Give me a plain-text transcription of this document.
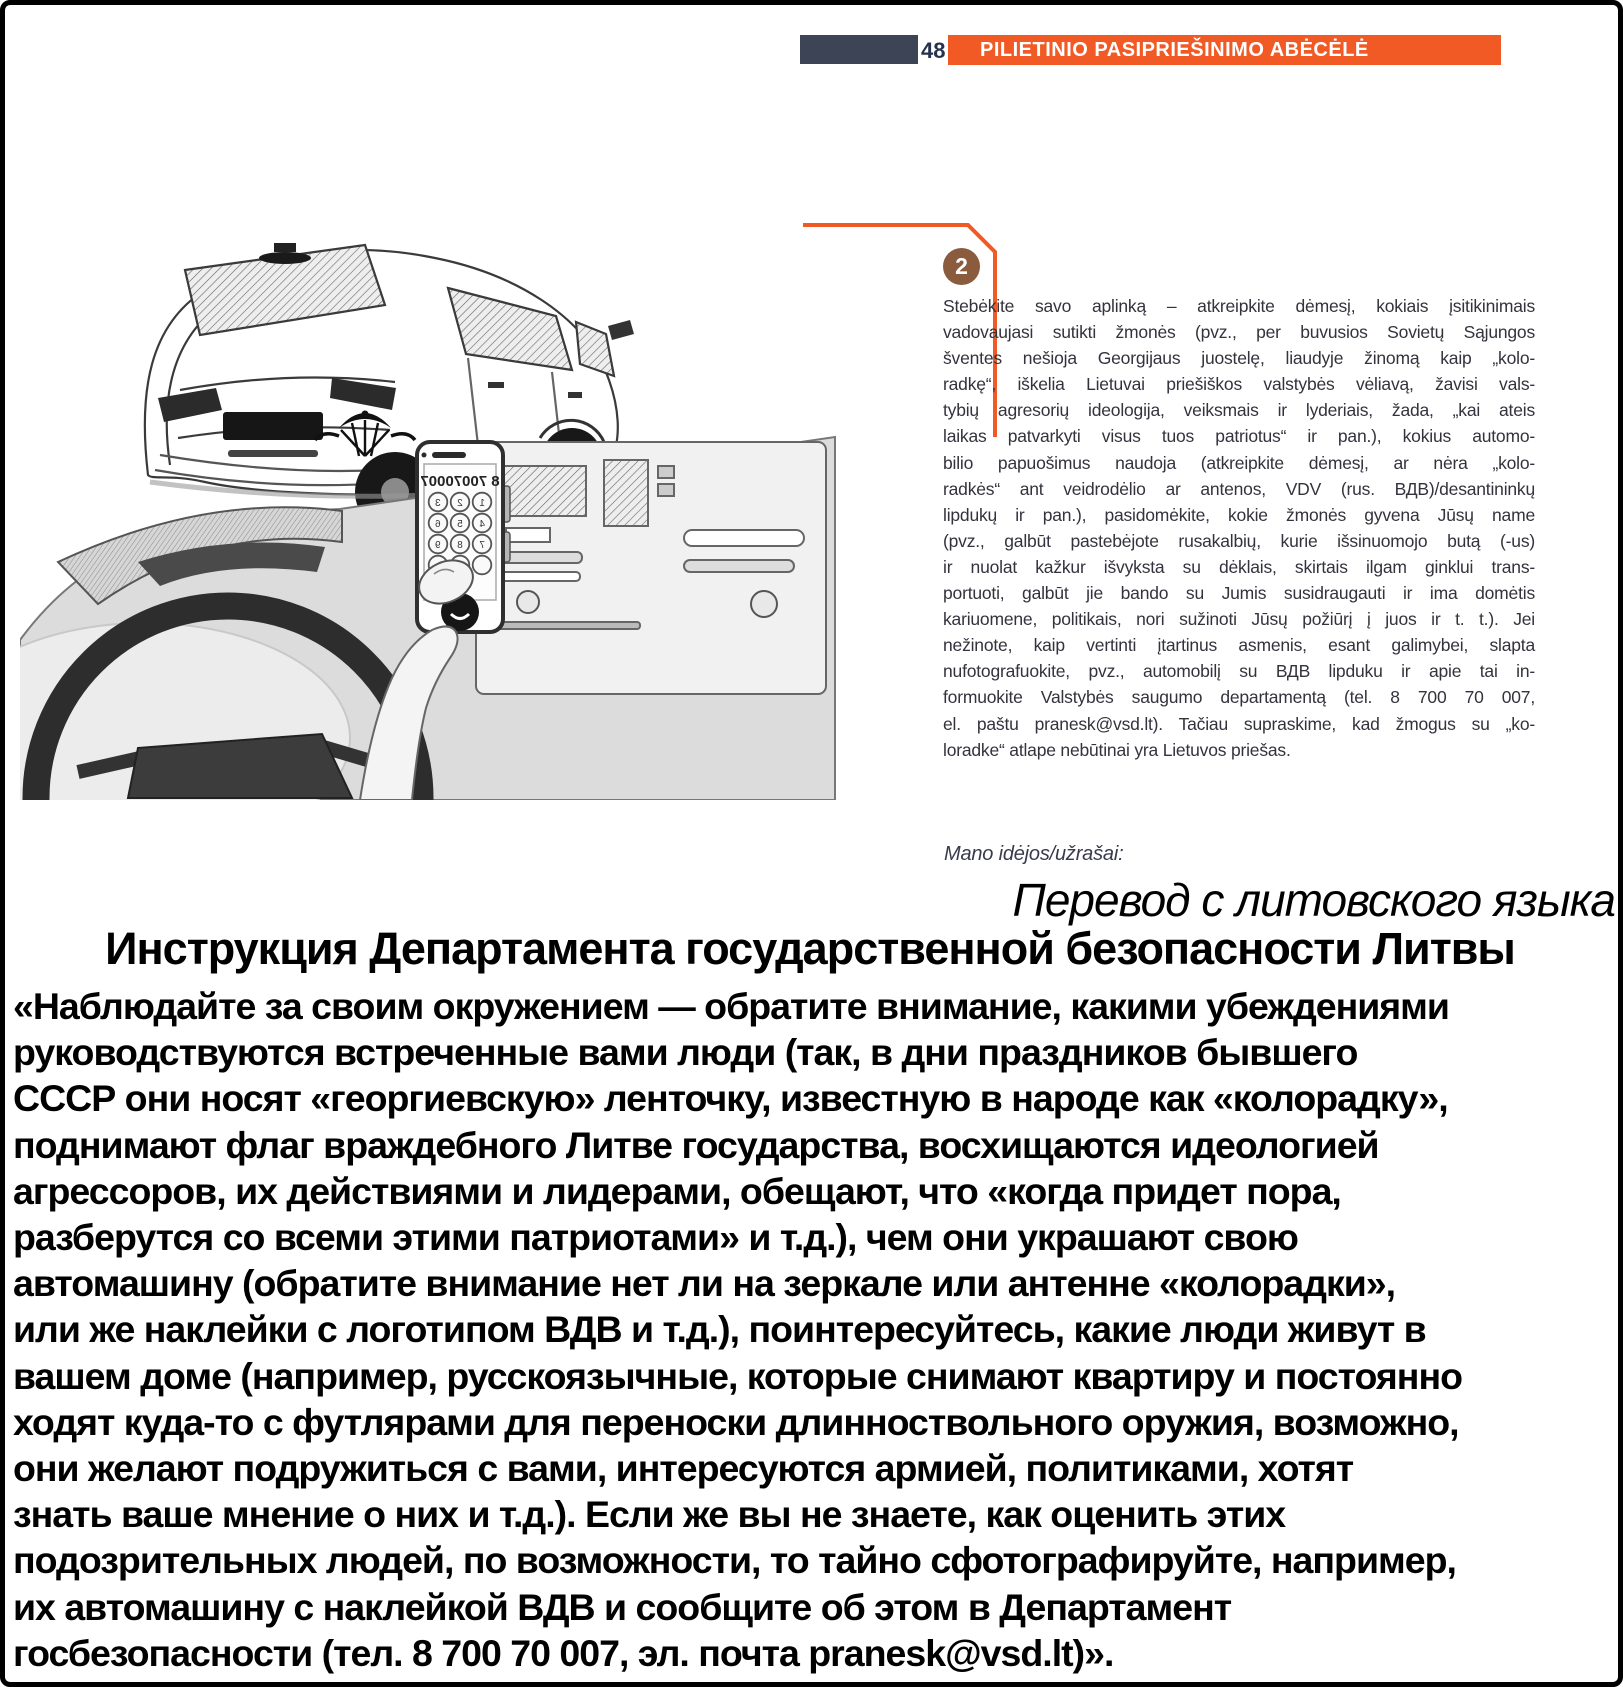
48	PILIETINIO PASIPRIEŠINIMO ABĖCĖLĖ
2
8 70070007
123
456
789
Stebėkite savo aplinką – atkreipkite dėmesį, kokiais įsitikinimais
vadovaujasi sutikti žmonės (pvz., per buvusios Sovietų Sąjungos
šventes nešioja Georgijaus juostelę, liaudyje žinomą kaip „kolo-
radkę“, iškelia Lietuvai priešiškos valstybės vėliavą, žavisi vals-
tybių agresorių ideologija, veiksmais ir lyderiais, žada, „kai ateis
laikas patvarkyti visus tuos patriotus“ ir pan.), kokius automo-
bilio papuošimus naudoja (atkreipkite dėmesį, ar nėra „kolo-
radkės“ ant veidrodėlio ar antenos, VDV (rus. ВДВ)/desantininkų
lipdukų ir pan.), pasidomėkite, kokie žmonės gyvena Jūsų name
(pvz., galbūt pastebėjote rusakalbių, kurie išsinuomojo butą (-us)
ir nuolat kažkur išvyksta su dėklais, skirtais ilgam ginklui trans-
portuoti, galbūt jie bando su Jumis susidraugauti ir ima domėtis
kariuomene, politikais, nori sužinoti Jūsų požiūrį į juos ir t. t.). Jei
nežinote, kaip vertinti įtartinus asmenis, esant galimybei, slapta
nufotografuokite, pvz., automobilį su ВДВ lipduku ir apie tai in-
formuokite Valstybės saugumo departamentą (tel. 8 700 70 007,
el. paštu pranesk@vsd.lt). Tačiau supraskime, kad žmogus su „ko-
loradke“ atlape nebūtinai yra Lietuvos priešas.
Mano idėjos/užrašai:
Перевод с литовского языка
Инструкция Департамента государственной безопасности Литвы
«Наблюдайте за своим окружением — обратите внимание, какими убеждениями
руководствуются встреченные вами люди (так, в дни праздников бывшего
СССР они носят «георгиевскую» ленточку, известную в народе как «колорадку»,
поднимают флаг враждебного Литве государства, восхищаются идеологией
агрессоров, их действиями и лидерами, обещают, что «когда придет пора,
разберутся со всеми этими патриотами» и т.д.), чем они украшают свою
автомашину (обратите внимание нет ли на зеркале или антенне «колорадки»,
или же наклейки с логотипом ВДВ и т.д.), поинтересуйтесь, какие люди живут в
вашем доме (например, русскоязычные, которые снимают квартиру и постоянно
ходят куда-то с футлярами для переноски длинноствольного оружия, возможно,
они желают подружиться с вами, интересуются армией, политиками, хотят
знать ваше мнение о них и т.д.). Если же вы не знаете, как оценить этих
подозрительных людей, по возможности, то тайно сфотографируйте, например,
их автомашину с наклейкой ВДВ и сообщите об этом в Департамент
госбезопасности (тел. 8 700 70 007, эл. почта pranesk@vsd.lt)».
